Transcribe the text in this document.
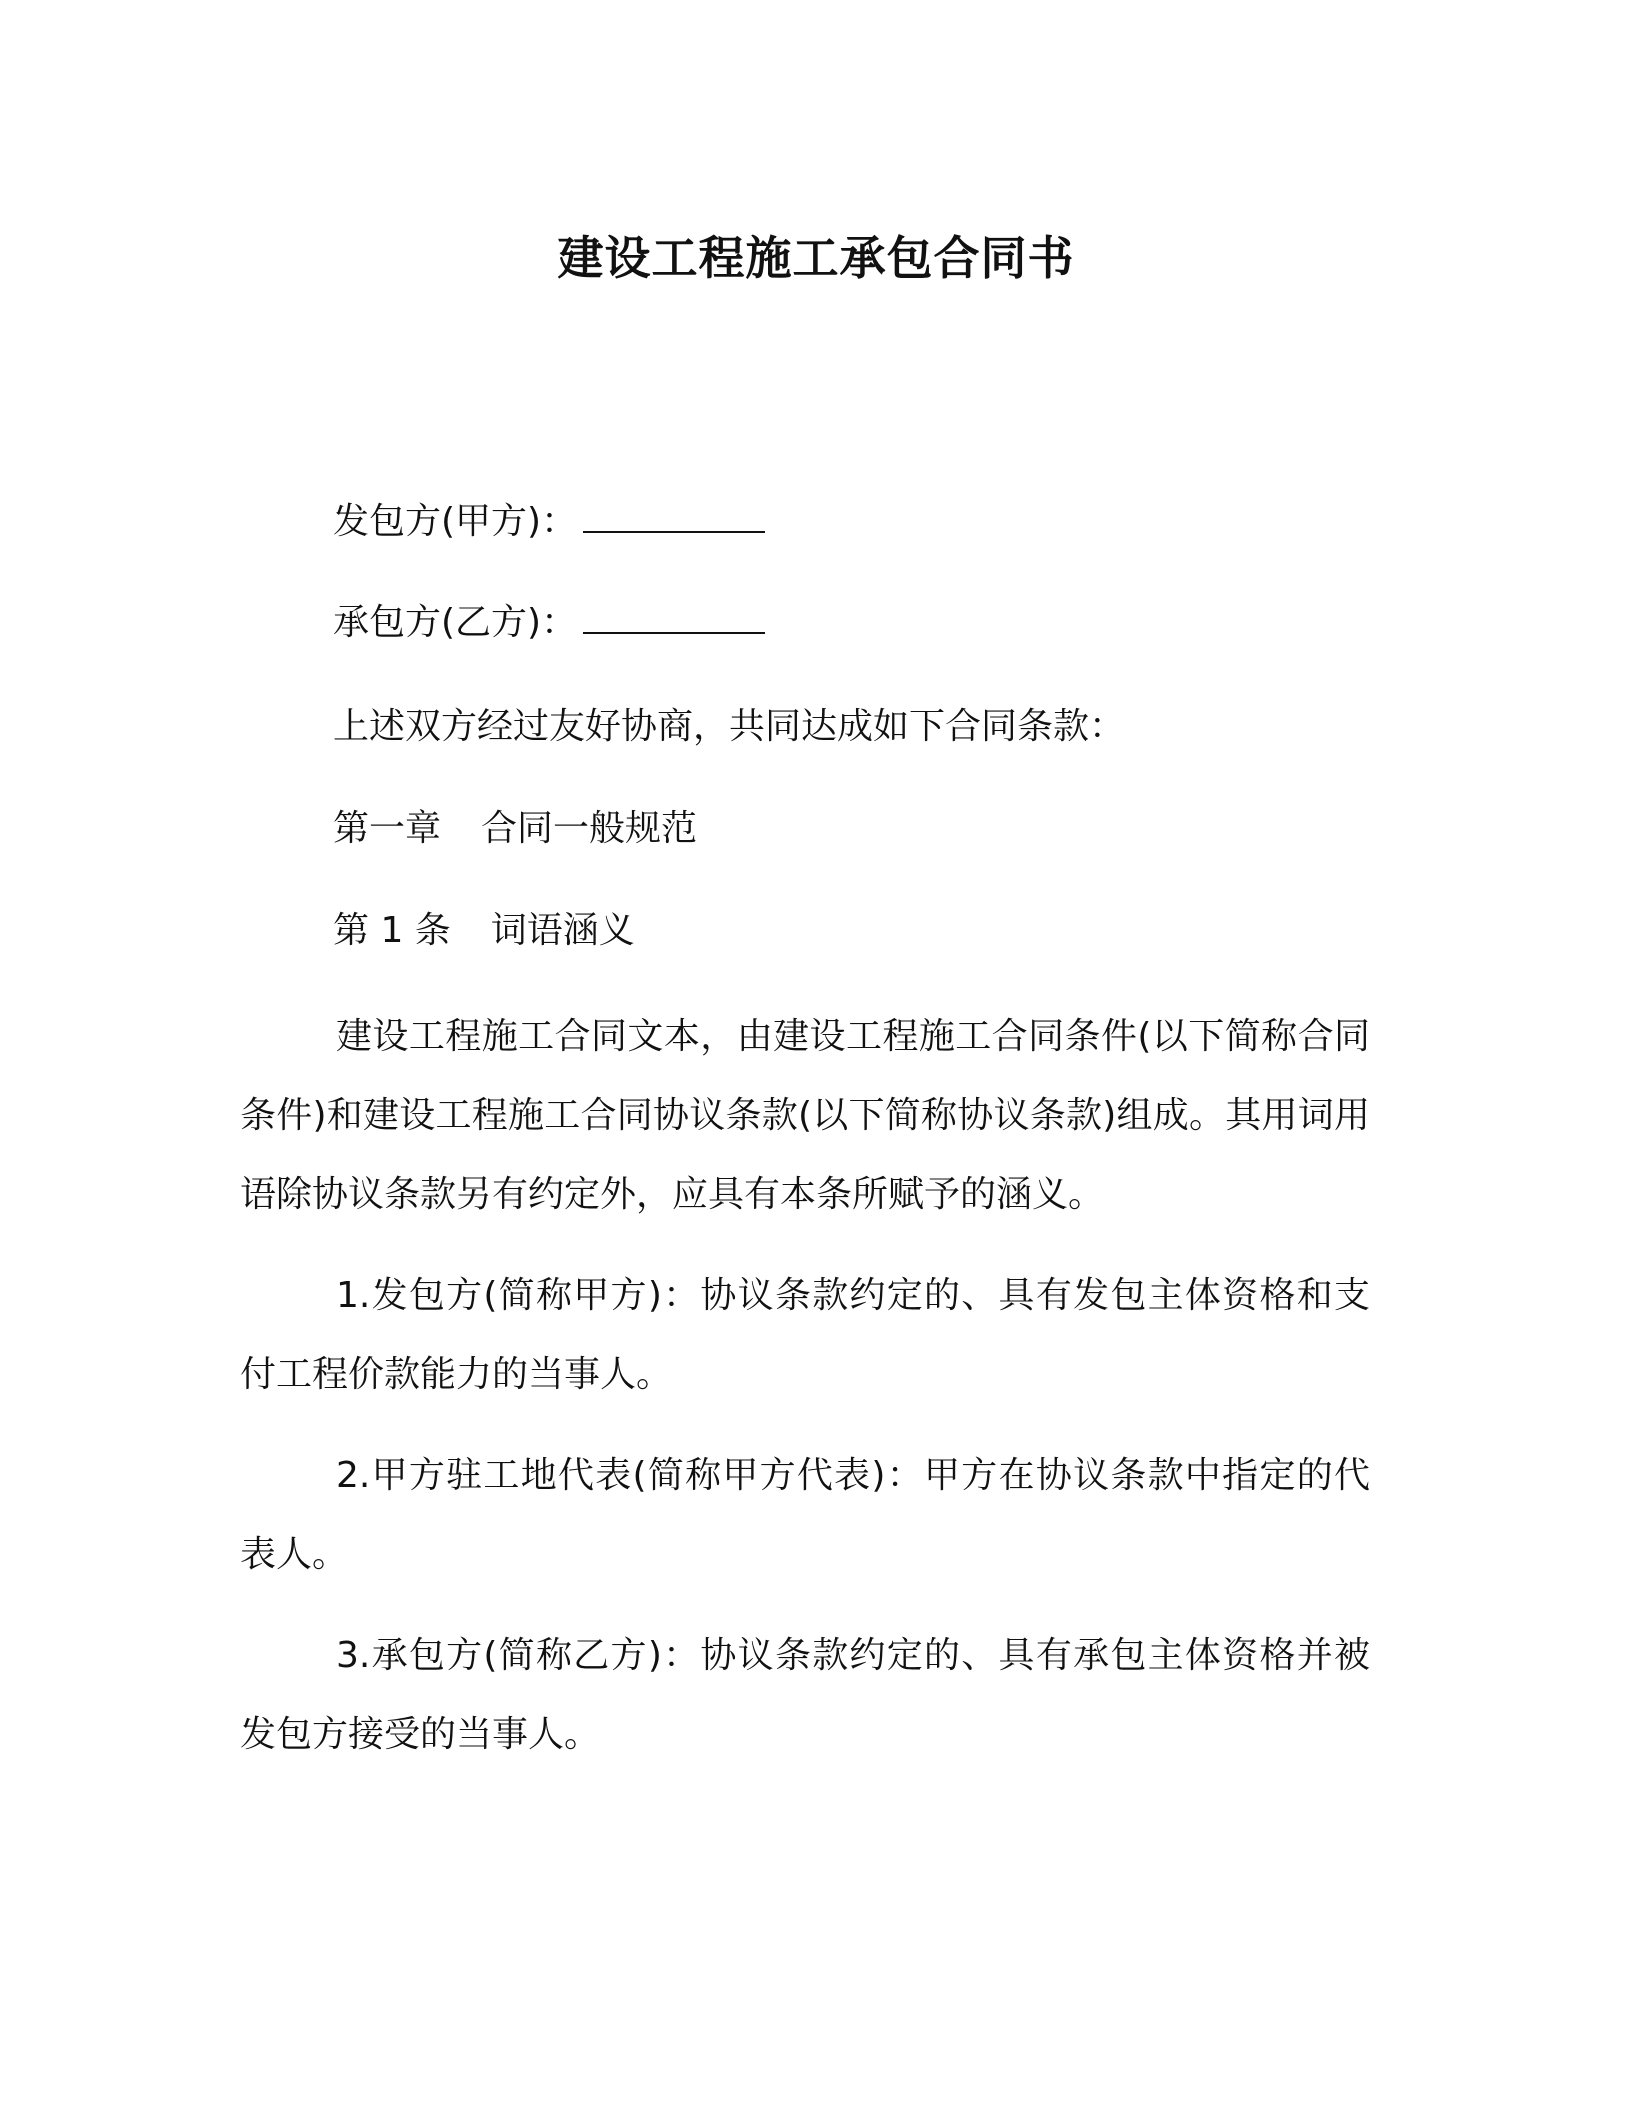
建设工程施工承包合同书

发包方(甲方)：

承包方(乙方)：

上述双方经过友好协商，共同达成如下合同条款：

第一章 合同一般规范

第 1 条 词语涵义

建设工程施工合同文本，由建设工程施工合同条件(以下简称合同条件)和建设工程施工合同协议条款(以下简称协议条款)组成。其用词用语除协议条款另有约定外，应具有本条所赋予的涵义。

1.发包方(简称甲方)：协议条款约定的、具有发包主体资格和支付工程价款能力的当事人。

2.甲方驻工地代表(简称甲方代表)：甲方在协议条款中指定的代表人。

3.承包方(简称乙方)：协议条款约定的、具有承包主体资格并被发包方接受的当事人。
